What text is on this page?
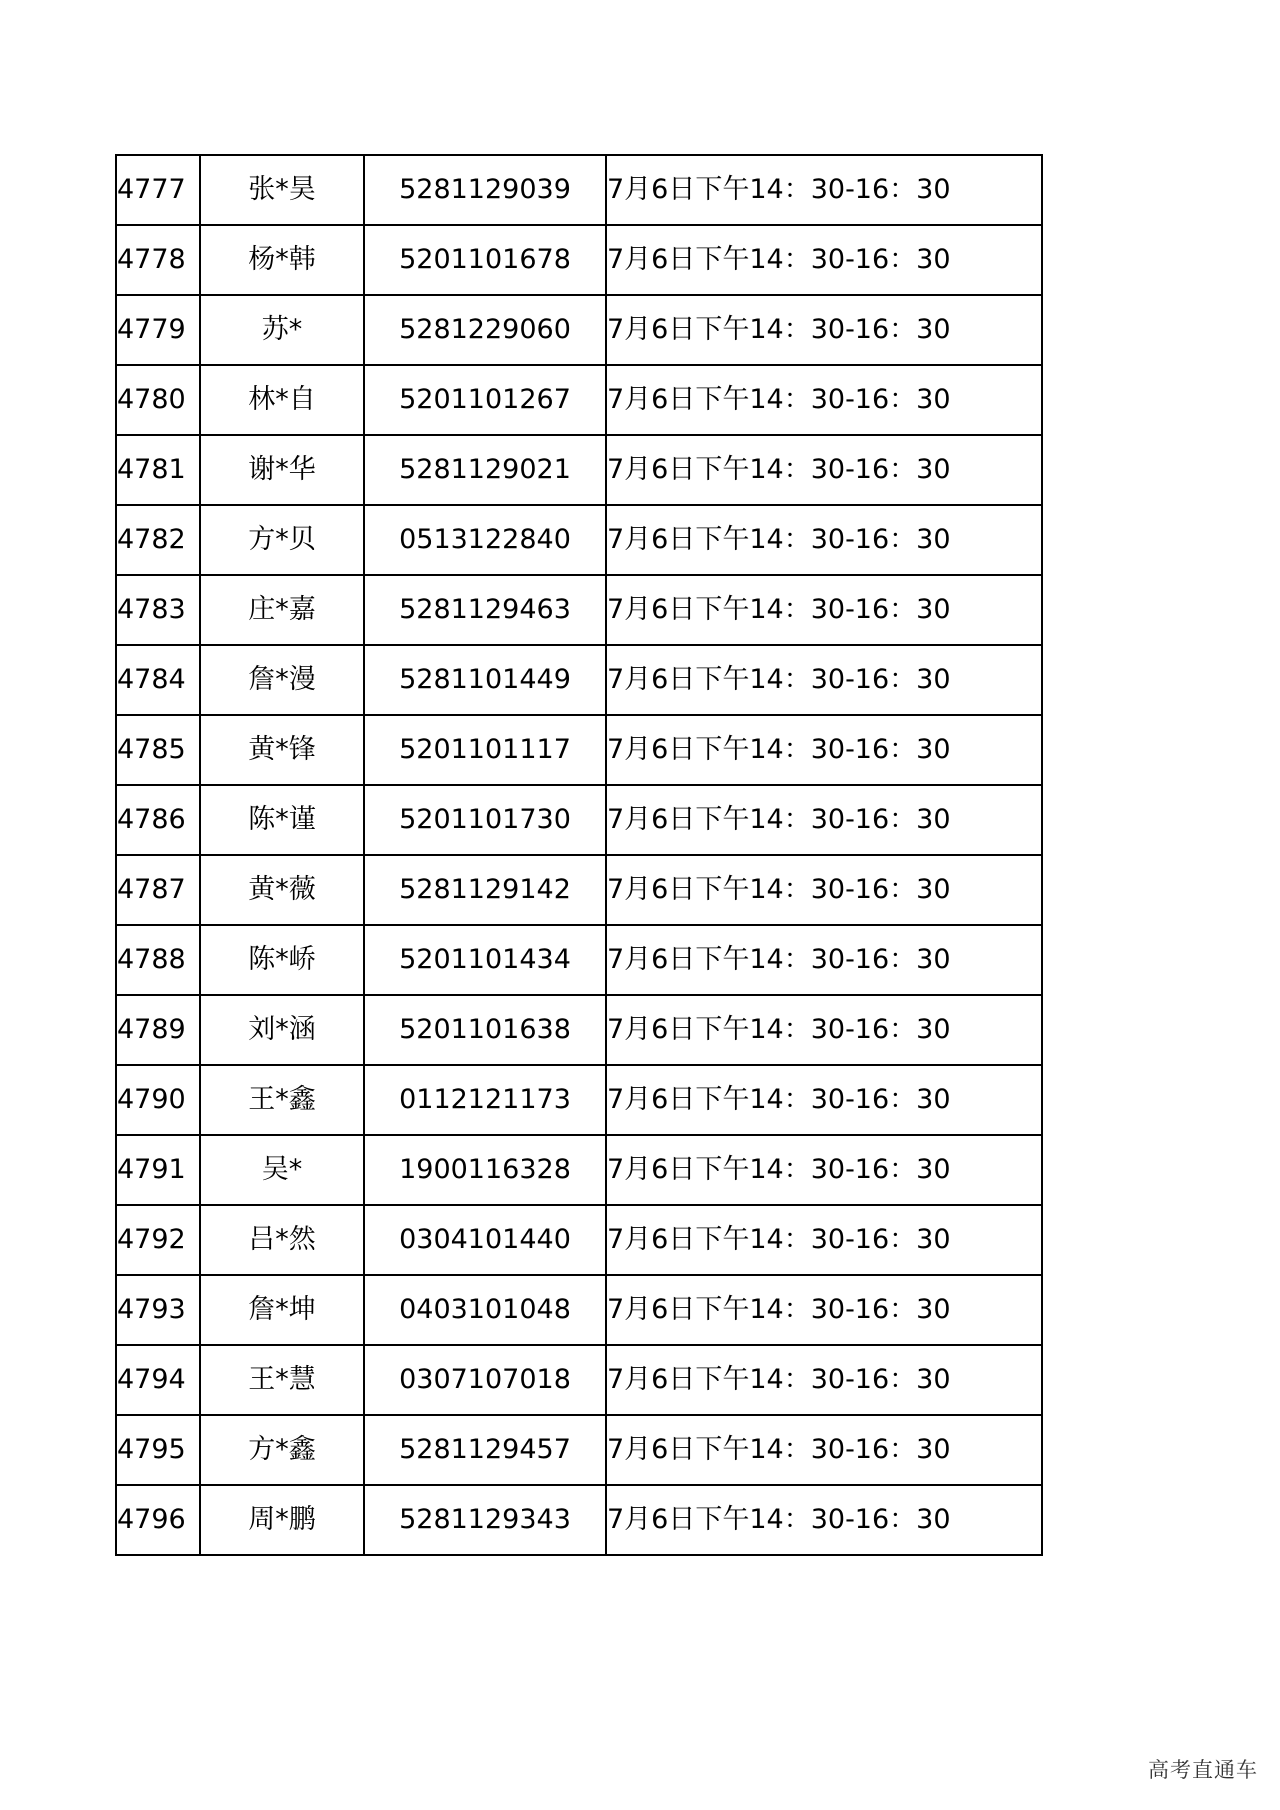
4777	张*昊	5281129039	7月6日下午14：30-16：30
4778	杨*韩	5201101678	7月6日下午14：30-16：30
4779	苏*	5281229060	7月6日下午14：30-16：30
4780	林*自	5201101267	7月6日下午14：30-16：30
4781	谢*华	5281129021	7月6日下午14：30-16：30
4782	方*贝	0513122840	7月6日下午14：30-16：30
4783	庄*嘉	5281129463	7月6日下午14：30-16：30
4784	詹*漫	5281101449	7月6日下午14：30-16：30
4785	黄*锋	5201101117	7月6日下午14：30-16：30
4786	陈*谨	5201101730	7月6日下午14：30-16：30
4787	黄*薇	5281129142	7月6日下午14：30-16：30
4788	陈*峤	5201101434	7月6日下午14：30-16：30
4789	刘*涵	5201101638	7月6日下午14：30-16：30
4790	王*鑫	0112121173	7月6日下午14：30-16：30
4791	吴*	1900116328	7月6日下午14：30-16：30
4792	吕*然	0304101440	7月6日下午14：30-16：30
4793	詹*坤	0403101048	7月6日下午14：30-16：30
4794	王*慧	0307107018	7月6日下午14：30-16：30
4795	方*鑫	5281129457	7月6日下午14：30-16：30
4796	周*鹏	5281129343	7月6日下午14：30-16：30
高考直通车
